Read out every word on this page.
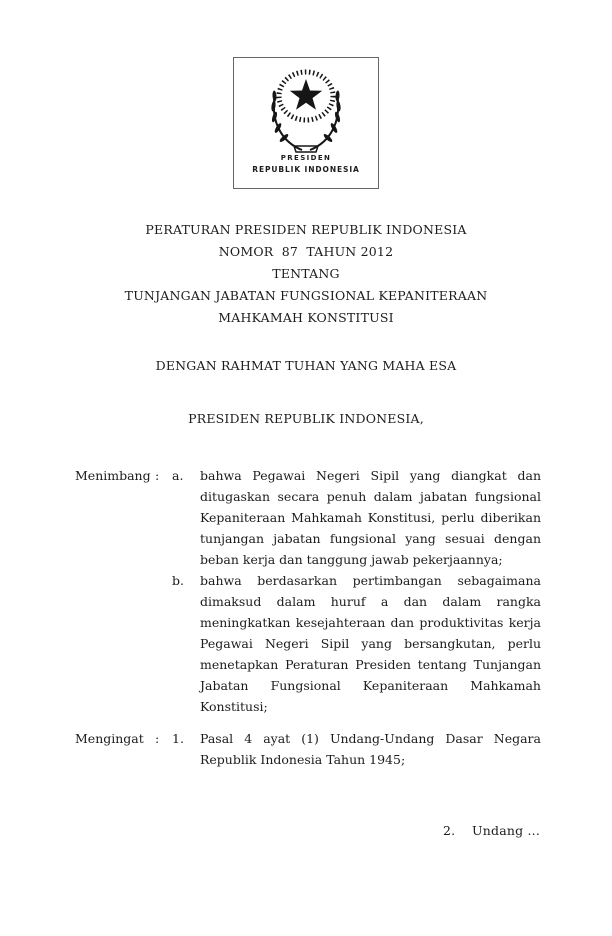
PRESIDEN
REPUBLIK INDONESIA
PERATURAN PRESIDEN REPUBLIK INDONESIA
NOMOR  87  TAHUN 2012
TENTANG
TUNJANGAN JABATAN FUNGSIONAL KEPANITERAAN
MAHKAMAH KONSTITUSI
DENGAN RAHMAT TUHAN YANG MAHA ESA
PRESIDEN REPUBLIK INDONESIA,
Menimbang :	a.	bahwa Pegawai Negeri Sipil yang diangkat dan ditugaskan secara penuh dalam jabatan fungsional Kepaniteraan Mahkamah Konstitusi, perlu diberikan tunjangan jabatan fungsional yang sesuai dengan beban kerja dan tanggung jawab pekerjaannya;
b.	bahwa berdasarkan pertimbangan sebagaimana dimaksud dalam huruf a dan dalam rangka meningkatkan kesejahteraan dan produktivitas kerja Pegawai Negeri Sipil yang bersangkutan, perlu menetapkan Peraturan Presiden tentang Tunjangan Jabatan Fungsional Kepaniteraan Mahkamah Konstitusi;
Mengingat :	1.	Pasal 4 ayat (1) Undang-Undang Dasar Negara Republik Indonesia Tahun 1945;
2.    Undang ...
